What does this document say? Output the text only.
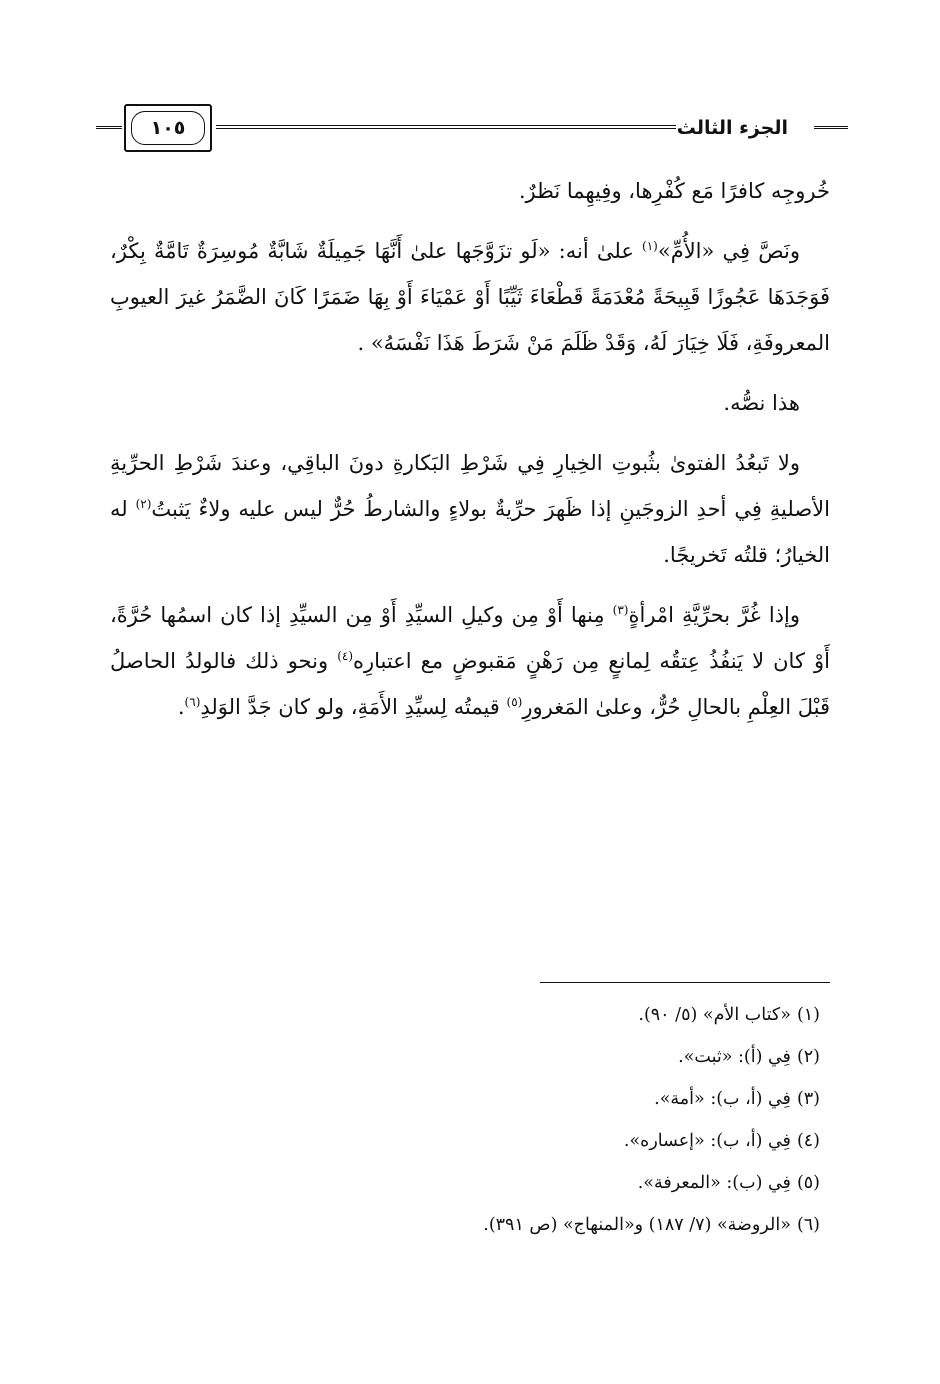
الجزء الثالث
١٠٥

خُروجِه كافرًا مَع كُفْرِها، وفِيهِما نَظرٌ.

ونَصَّ فِي «الأُمِّ»$^{(١)}$ علىٰ أنه: «لَو تزَوَّجَها علىٰ أَنَّهَا جَمِيلَةٌ شَابَّةٌ مُوسِرَةٌ تَامَّةٌ بِكْرٌ، فَوَجَدَهَا عَجُوزًا قَبِيحَةً مُعْدَمَةً قَطْعَاءَ ثَيِّبًا أَوْ عَمْيَاءَ أَوْ بِهَا ضَمَرًا كَانَ الضَّمَرُ غيرَ العيوبِ المعروفَةِ، فَلَا خِيَارَ لَهُ، وَقَدْ ظَلَمَ مَنْ شَرَطَ هَذَا نَفْسَهُ» .

هذا نصُّه.

ولا تَبعُدُ الفتوىٰ بثُبوتِ الخِيارِ فِي شَرْطِ البَكارةِ دونَ الباقِي، وعندَ شَرْطِ الحرِّيةِ الأصليةِ فِي أحدِ الزوجَينِ إذا ظَهرَ حرِّيةٌ بولاءٍ والشارطُ حُرٌّ ليس عليه ولاءٌ يَثبتُ$^{(٢)}$ له الخيارُ؛ قلتُه تَخريجًا.

وإذا غُرَّ بحرِّيَّةِ امْرأةٍ$^{(٣)}$ مِنها أَوْ مِن وكيلِ السيِّدِ أَوْ مِن السيِّدِ إذا كان اسمُها حُرَّةً، أَوْ كان لا يَنفُذُ عِتقُه لِمانعٍ مِن رَهْنٍ مَقبوضٍ مع اعتبارِه$^{(٤)}$ ونحو ذلك فالولدُ الحاصلُ قَبْلَ العِلْمِ بالحالِ حُرٌّ، وعلىٰ المَغرورِ$^{(٥)}$ قيمتُه لِسيِّدِ الأَمَةِ، ولو كان جَدَّ الوَلدِ$^{(٦)}$.

(١)«كتاب الأم» (٥/ ٩٠).
(٢)فِي (أ): «ثبت».
(٣)فِي (أ، ب): «أمة».
(٤)فِي (أ، ب): «إعساره».
(٥)فِي (ب): «المعرفة».
(٦)«الروضة» (٧/ ١٨٧) و«المنهاج» (ص ٣٩١).
